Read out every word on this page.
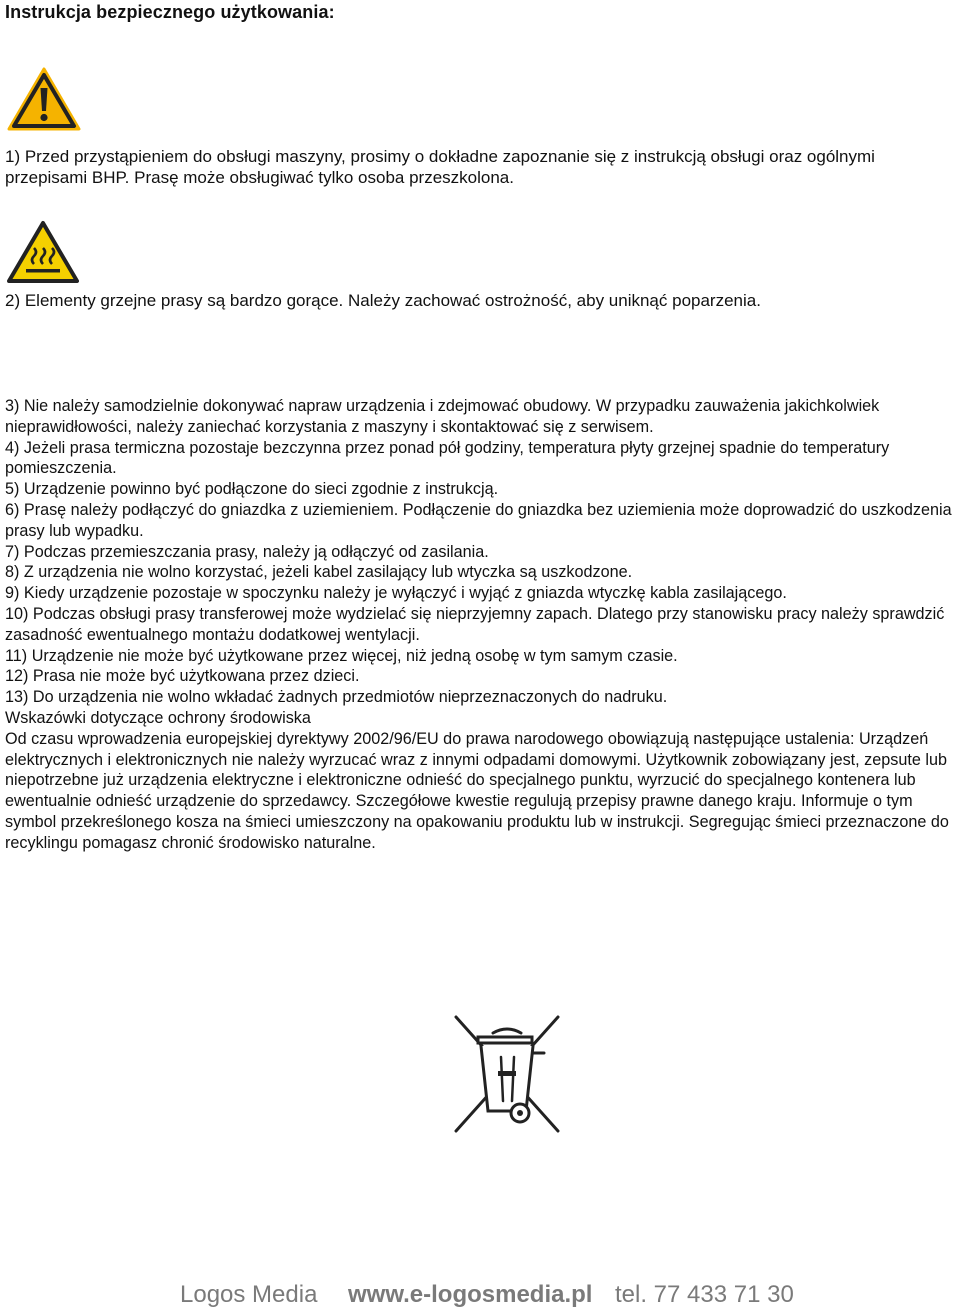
Instrukcja bezpiecznego użytkowania:

1) Przed przystąpieniem do obsługi maszyny, prosimy o dokładne zapoznanie się z instrukcją obsługi oraz ogólnymi przepisami BHP. Prasę może obsługiwać tylko osoba przeszkolona.

2) Elementy grzejne prasy są bardzo gorące. Należy zachować ostrożność, aby uniknąć poparzenia.

3) Nie należy samodzielnie dokonywać napraw urządzenia i zdejmować obudowy. W przypadku zauważenia jakichkolwiek nieprawidłowości, należy zaniechać korzystania z maszyny i skontaktować się z serwisem.
4) Jeżeli prasa termiczna pozostaje bezczynna przez ponad pół godziny, temperatura płyty grzejnej spadnie do temperatury pomieszczenia.
5) Urządzenie powinno być podłączone do sieci zgodnie z instrukcją.
6) Prasę należy podłączyć do gniazdka z uziemieniem. Podłączenie do gniazdka bez uziemienia może doprowadzić do uszkodzenia prasy lub wypadku.
7) Podczas przemieszczania prasy, należy ją odłączyć od zasilania.
8) Z urządzenia nie wolno korzystać, jeżeli kabel zasilający lub wtyczka są uszkodzone.
9) Kiedy urządzenie pozostaje w spoczynku należy je wyłączyć i wyjąć z gniazda wtyczkę kabla zasilającego.
10) Podczas obsługi prasy transferowej może wydzielać się nieprzyjemny zapach. Dlatego przy stanowisku pracy należy sprawdzić zasadność ewentualnego montażu dodatkowej wentylacji.
11) Urządzenie nie może być użytkowane przez więcej, niż jedną osobę w tym samym czasie.
12) Prasa nie może być użytkowana przez dzieci.
13) Do urządzenia nie wolno wkładać żadnych przedmiotów nieprzeznaczonych do nadruku.
Wskazówki dotyczące ochrony środowiska
Od czasu wprowadzenia europejskiej dyrektywy 2002/96/EU do prawa narodowego obowiązują następujące ustalenia: Urządzeń elektrycznych i elektronicznych nie należy wyrzucać wraz z innymi odpadami domowymi. Użytkownik zobowiązany jest, zepsute lub niepotrzebne już urządzenia elektryczne i elektroniczne odnieść do specjalnego punktu, wyrzucić do specjalnego kontenera lub ewentualnie odnieść urządzenie do sprzedawcy. Szczegółowe kwestie regulują przepisy prawne danego kraju. Informuje o tym symbol przekreślonego kosza na śmieci umieszczony na opakowaniu produktu lub w instrukcji. Segregując śmieci przeznaczone do recyklingu pomagasz chronić środowisko naturalne.
Logos Media www.e-logosmedia.pl tel. 77 433 71 30
